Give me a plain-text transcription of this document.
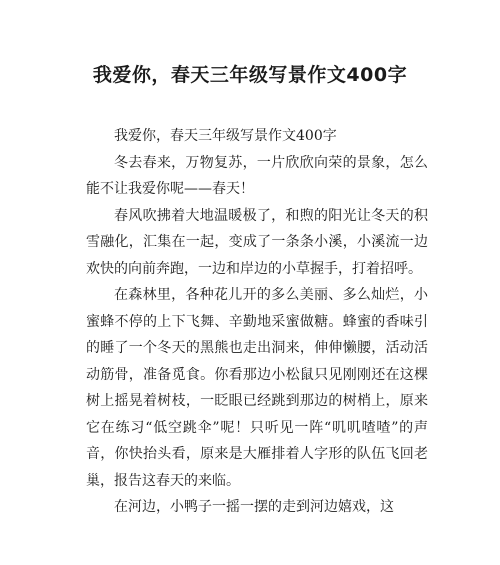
我爱你，春天三年级写景作文400字

我爱你，春天三年级写景作文400字

冬去春来，万物复苏，一片欣欣向荣的景象，怎么能不让我爱你呢——春天！

春风吹拂着大地温暖极了，和煦的阳光让冬天的积雪融化，汇集在一起，变成了一条条小溪，小溪流一边欢快的向前奔跑，一边和岸边的小草握手，打着招呼。

在森林里，各种花儿开的多么美丽、多么灿烂，小蜜蜂不停的上下飞舞、辛勤地采蜜做糖。蜂蜜的香味引的睡了一个冬天的黑熊也走出洞来，伸伸懒腰，活动活动筋骨，准备觅食。你看那边小松鼠只见刚刚还在这棵树上摇晃着树枝，一眨眼已经跳到那边的树梢上，原来它在练习“低空跳伞”呢！只听见一阵“叽叽喳喳”的声音，你快抬头看，原来是大雁排着人字形的队伍飞回老巢，报告这春天的来临。

在河边，小鸭子一摇一摆的走到河边嬉戏，这
